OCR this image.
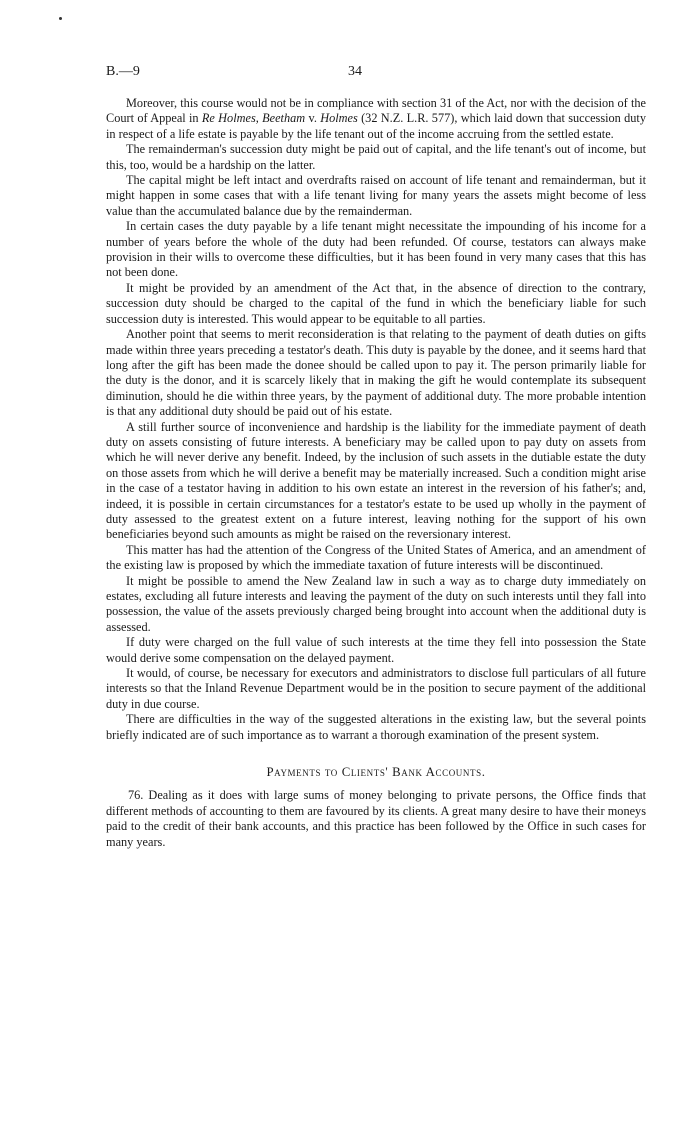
B.—9	34

Moreover, this course would not be in compliance with section 31 of the Act, nor with the decision of the Court of Appeal in Re Holmes, Beetham v. Holmes (32 N.Z. L.R. 577), which laid down that succession duty in respect of a life estate is payable by the life tenant out of the income accruing from the settled estate.

The remainderman's succession duty might be paid out of capital, and the life tenant's out of income, but this, too, would be a hardship on the latter.

The capital might be left intact and overdrafts raised on account of life tenant and remainderman, but it might happen in some cases that with a life tenant living for many years the assets might become of less value than the accumulated balance due by the remainderman.

In certain cases the duty payable by a life tenant might necessitate the impounding of his income for a number of years before the whole of the duty had been refunded. Of course, testators can always make provision in their wills to overcome these difficulties, but it has been found in very many cases that this has not been done.

It might be provided by an amendment of the Act that, in the absence of direction to the contrary, succession duty should be charged to the capital of the fund in which the beneficiary liable for such succession duty is interested. This would appear to be equitable to all parties.

Another point that seems to merit reconsideration is that relating to the payment of death duties on gifts made within three years preceding a testator's death. This duty is payable by the donee, and it seems hard that long after the gift has been made the donee should be called upon to pay it. The person primarily liable for the duty is the donor, and it is scarcely likely that in making the gift he would contemplate its subsequent diminution, should he die within three years, by the payment of additional duty. The more probable intention is that any additional duty should be paid out of his estate.

A still further source of inconvenience and hardship is the liability for the immediate payment of death duty on assets consisting of future interests. A beneficiary may be called upon to pay duty on assets from which he will never derive any benefit. Indeed, by the inclusion of such assets in the dutiable estate the duty on those assets from which he will derive a benefit may be materially increased. Such a condition might arise in the case of a testator having in addition to his own estate an interest in the reversion of his father's; and, indeed, it is possible in certain circumstances for a testator's estate to be used up wholly in the payment of duty assessed to the greatest extent on a future interest, leaving nothing for the support of his own beneficiaries beyond such amounts as might be raised on the reversionary interest.

This matter has had the attention of the Congress of the United States of America, and an amendment of the existing law is proposed by which the immediate taxation of future interests will be discontinued.

It might be possible to amend the New Zealand law in such a way as to charge duty immediately on estates, excluding all future interests and leaving the payment of the duty on such interests until they fall into possession, the value of the assets previously charged being brought into account when the additional duty is assessed.

If duty were charged on the full value of such interests at the time they fell into possession the State would derive some compensation on the delayed payment.

It would, of course, be necessary for executors and administrators to disclose full particulars of all future interests so that the Inland Revenue Department would be in the position to secure payment of the additional duty in due course.

There are difficulties in the way of the suggested alterations in the existing law, but the several points briefly indicated are of such importance as to warrant a thorough examination of the present system.

Payments to Clients' Bank Accounts.

76. Dealing as it does with large sums of money belonging to private persons, the Office finds that different methods of accounting to them are favoured by its clients. A great many desire to have their moneys paid to the credit of their bank accounts, and this practice has been followed by the Office in such cases for many years.
